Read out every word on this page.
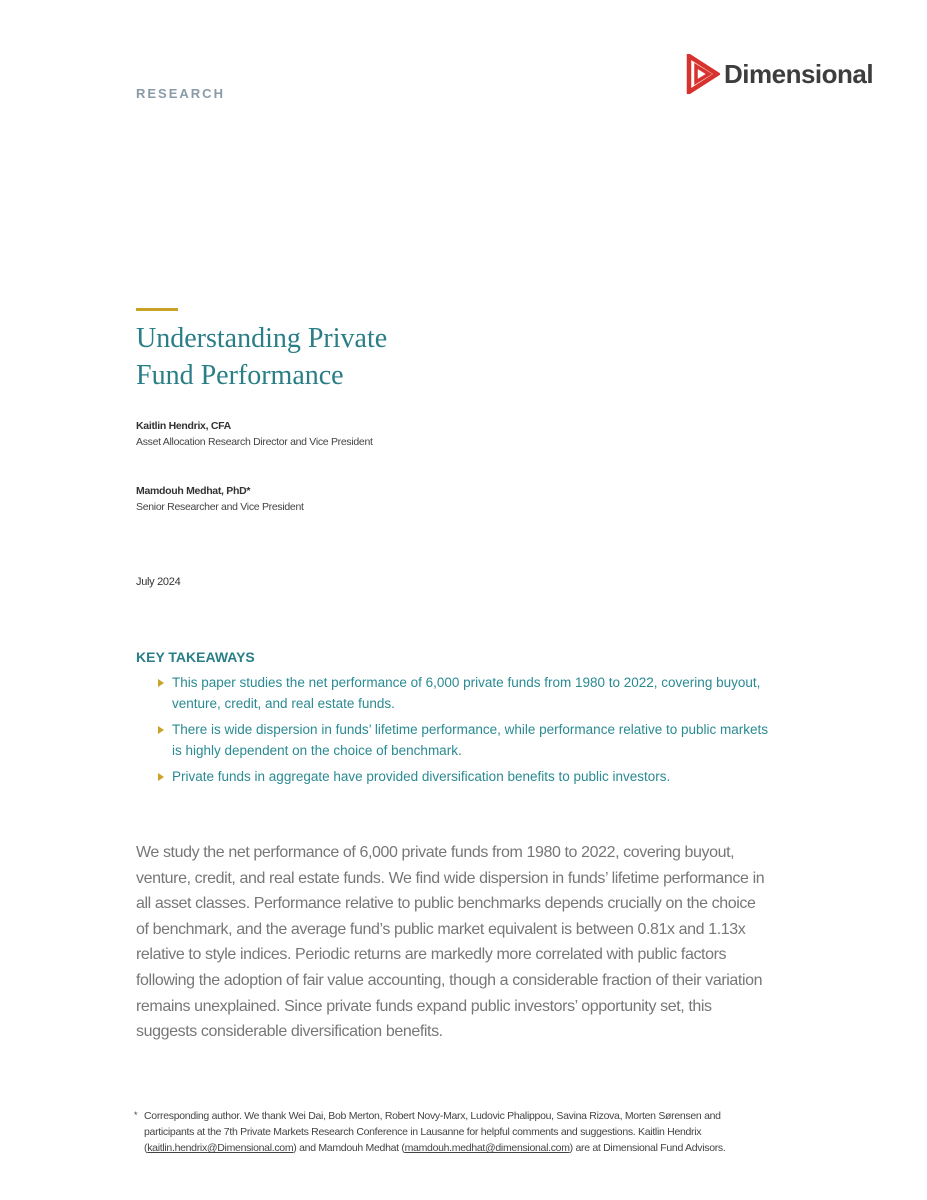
RESEARCH
Dimensional
Understanding Private
Fund Performance
Kaitlin Hendrix, CFA
Asset Allocation Research Director and Vice President
Mamdouh Medhat, PhD*
Senior Researcher and Vice President
July 2024
KEY TAKEAWAYS
This paper studies the net performance of 6,000 private funds from 1980 to 2022, covering buyout, venture, credit, and real estate funds.
There is wide dispersion in funds’ lifetime performance, while performance relative to public markets is highly dependent on the choice of benchmark.
Private funds in aggregate have provided diversification benefits to public investors.

We study the net performance of 6,000 private funds from 1980 to 2022, covering buyout, venture, credit, and real estate funds. We find wide dispersion in funds’ lifetime performance in all asset classes. Performance relative to public benchmarks depends crucially on the choice of benchmark, and the average fund’s public market equivalent is between 0.81x and 1.13x relative to style indices. Periodic returns are markedly more correlated with public factors following the adoption of fair value accounting, though a considerable fraction of their variation remains unexplained. Since private funds expand public investors’ opportunity set, this suggests considerable diversification benefits.

* Corresponding author. We thank Wei Dai, Bob Merton, Robert Novy-Marx, Ludovic Phalippou, Savina Rizova, Morten Sørensen and participants at the 7th Private Markets Research Conference in Lausanne for helpful comments and suggestions. Kaitlin Hendrix (kaitlin.hendrix@Dimensional.com) and Mamdouh Medhat (mamdouh.medhat@dimensional.com) are at Dimensional Fund Advisors.
